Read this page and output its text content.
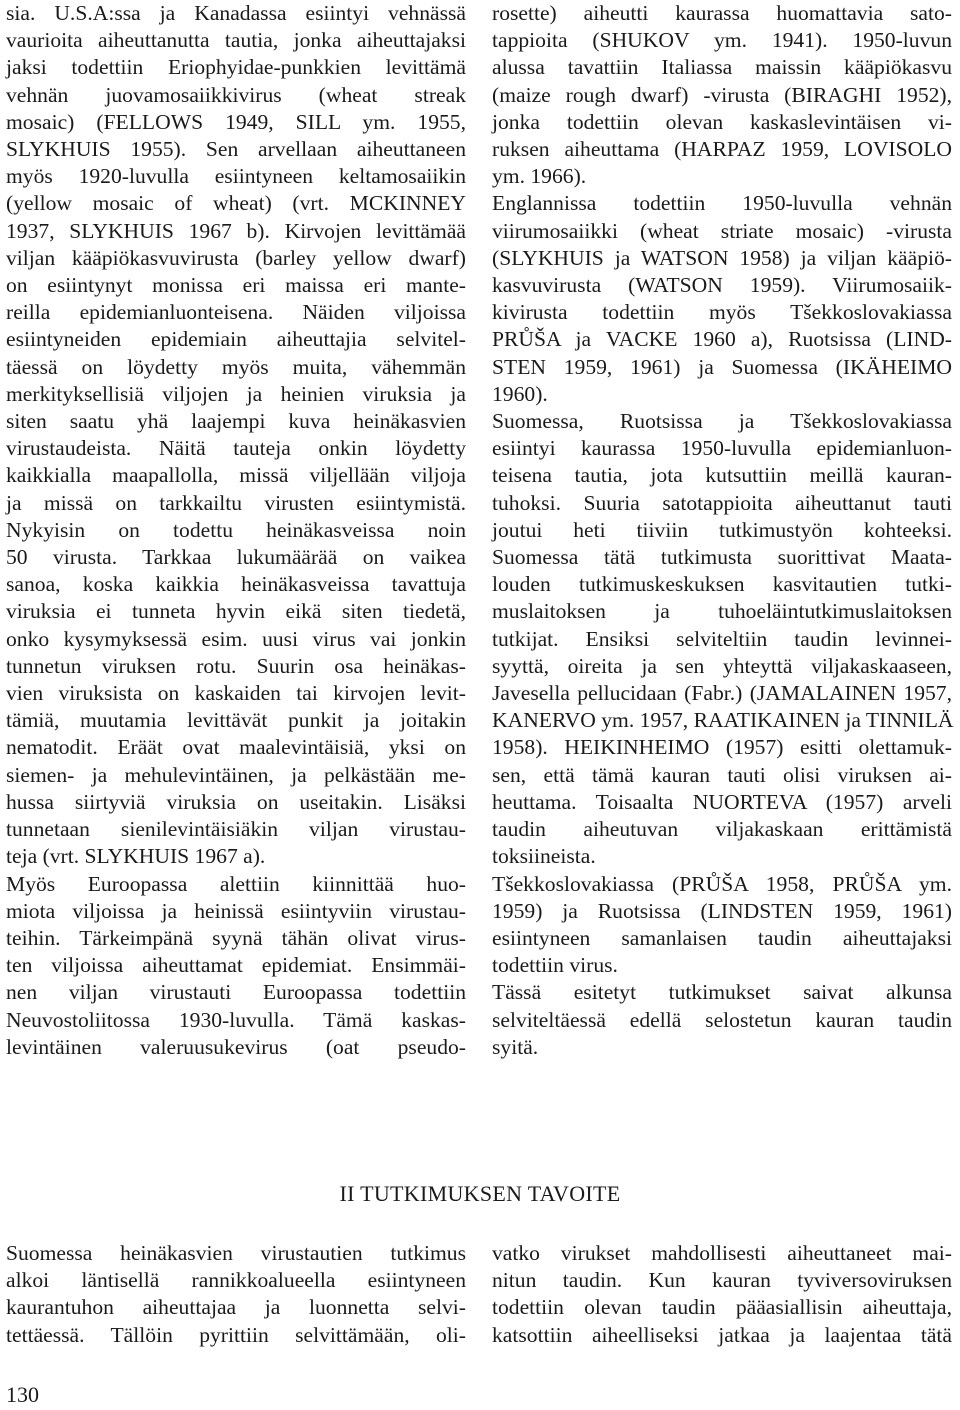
sia. U.S.A:ssa ja Kanadassa esiintyi vehnässä
vaurioita aiheuttanutta tautia, jonka aiheuttajaksi
jaksi todettiin Eriophyidae-punkkien levittämä
vehnän juovamosaiikkivirus (wheat streak
mosaic) (FELLOWS 1949, SILL ym. 1955,
SLYKHUIS 1955). Sen arvellaan aiheuttaneen
myös 1920-luvulla esiintyneen keltamosaiikin
(yellow mosaic of wheat) (vrt. MCKINNEY
1937, SLYKHUIS 1967 b). Kirvojen levittämää
viljan kääpiökasvuvirusta (barley yellow dwarf)
on esiintynyt monissa eri maissa eri mante-
reilla epidemianluonteisena. Näiden viljoissa
esiintyneiden epidemiain aiheuttajia selvitel-
täessä on löydetty myös muita, vähemmän
merkityksellisiä viljojen ja heinien viruksia ja
siten saatu yhä laajempi kuva heinäkasvien
virustaudeista. Näitä tauteja onkin löydetty
kaikkialla maapallolla, missä viljellään viljoja
ja missä on tarkkailtu virusten esiintymistä.
Nykyisin on todettu heinäkasveissa noin
50 virusta. Tarkkaa lukumäärää on vaikea
sanoa, koska kaikkia heinäkasveissa tavattuja
viruksia ei tunneta hyvin eikä siten tiedetä,
onko kysymyksessä esim. uusi virus vai jonkin
tunnetun viruksen rotu. Suurin osa heinäkas-
vien viruksista on kaskaiden tai kirvojen levit-
tämiä, muutamia levittävät punkit ja joitakin
nematodit. Eräät ovat maalevintäisiä, yksi on
siemen- ja mehulevintäinen, ja pelkästään me-
hussa siirtyviä viruksia on useitakin. Lisäksi
tunnetaan sienilevintäisiäkin viljan virustau-
teja (vrt. SLYKHUIS 1967 a).
Myös Euroopassa alettiin kiinnittää huo-
miota viljoissa ja heinissä esiintyviin virustau-
teihin. Tärkeimpänä syynä tähän olivat virus-
ten viljoissa aiheuttamat epidemiat. Ensimmäi-
nen viljan virustauti Euroopassa todettiin
Neuvostoliitossa 1930-luvulla. Tämä kaskas-
levintäinen valeruusukevirus (oat pseudo-
rosette) aiheutti kaurassa huomattavia sato-
tappioita (SHUKOV ym. 1941). 1950-luvun
alussa tavattiin Italiassa maissin kääpiökasvu
(maize rough dwarf) -virusta (BIRAGHI 1952),
jonka todettiin olevan kaskaslevintäisen vi-
ruksen aiheuttama (HARPAZ 1959, LOVISOLO
ym. 1966).
Englannissa todettiin 1950-luvulla vehnän
viirumosaiikki (wheat striate mosaic) -virusta
(SLYKHUIS ja WATSON 1958) ja viljan kääpiö-
kasvuvirusta (WATSON 1959). Viirumosaiik-
kivirusta todettiin myös Tšekkoslovakiassa
PRŮŠA ja VACKE 1960 a), Ruotsissa (LIND-
STEN 1959, 1961) ja Suomessa (IKÄHEIMO
1960).
Suomessa, Ruotsissa ja Tšekkoslovakiassa
esiintyi kaurassa 1950-luvulla epidemianluon-
teisena tautia, jota kutsuttiin meillä kauran-
tuhoksi. Suuria satotappioita aiheuttanut tauti
joutui heti tiiviin tutkimustyön kohteeksi.
Suomessa tätä tutkimusta suorittivat Maata-
louden tutkimuskeskuksen kasvitautien tutki-
muslaitoksen ja tuhoeläintutkimuslaitoksen
tutkijat. Ensiksi selviteltiin taudin levinnei-
syyttä, oireita ja sen yhteyttä viljakaskaaseen,
Javesella pellucidaan (Fabr.) (JAMALAINEN 1957,
KANERVO ym. 1957, RAATIKAINEN ja TINNILÄ
1958). HEIKINHEIMO (1957) esitti olettamuk-
sen, että tämä kauran tauti olisi viruksen ai-
heuttama. Toisaalta NUORTEVA (1957) arveli
taudin aiheutuvan viljakaskaan erittämistä
toksiineista.
Tšekkoslovakiassa (PRŮŠA 1958, PRŮŠA ym.
1959) ja Ruotsissa (LINDSTEN 1959, 1961)
esiintyneen samanlaisen taudin aiheuttajaksi
todettiin virus.
Tässä esitetyt tutkimukset saivat alkunsa
selviteltäessä edellä selostetun kauran taudin
syitä.
II TUTKIMUKSEN TAVOITE
Suomessa heinäkasvien virustautien tutkimus
alkoi läntisellä rannikkoalueella esiintyneen
kaurantuhon aiheuttajaa ja luonnetta selvi-
tettäessä. Tällöin pyrittiin selvittämään, oli-
vatko virukset mahdollisesti aiheuttaneet mai-
nitun taudin. Kun kauran tyviversoviruksen
todettiin olevan taudin pääasiallisin aiheuttaja,
katsottiin aiheelliseksi jatkaa ja laajentaa tätä
130
